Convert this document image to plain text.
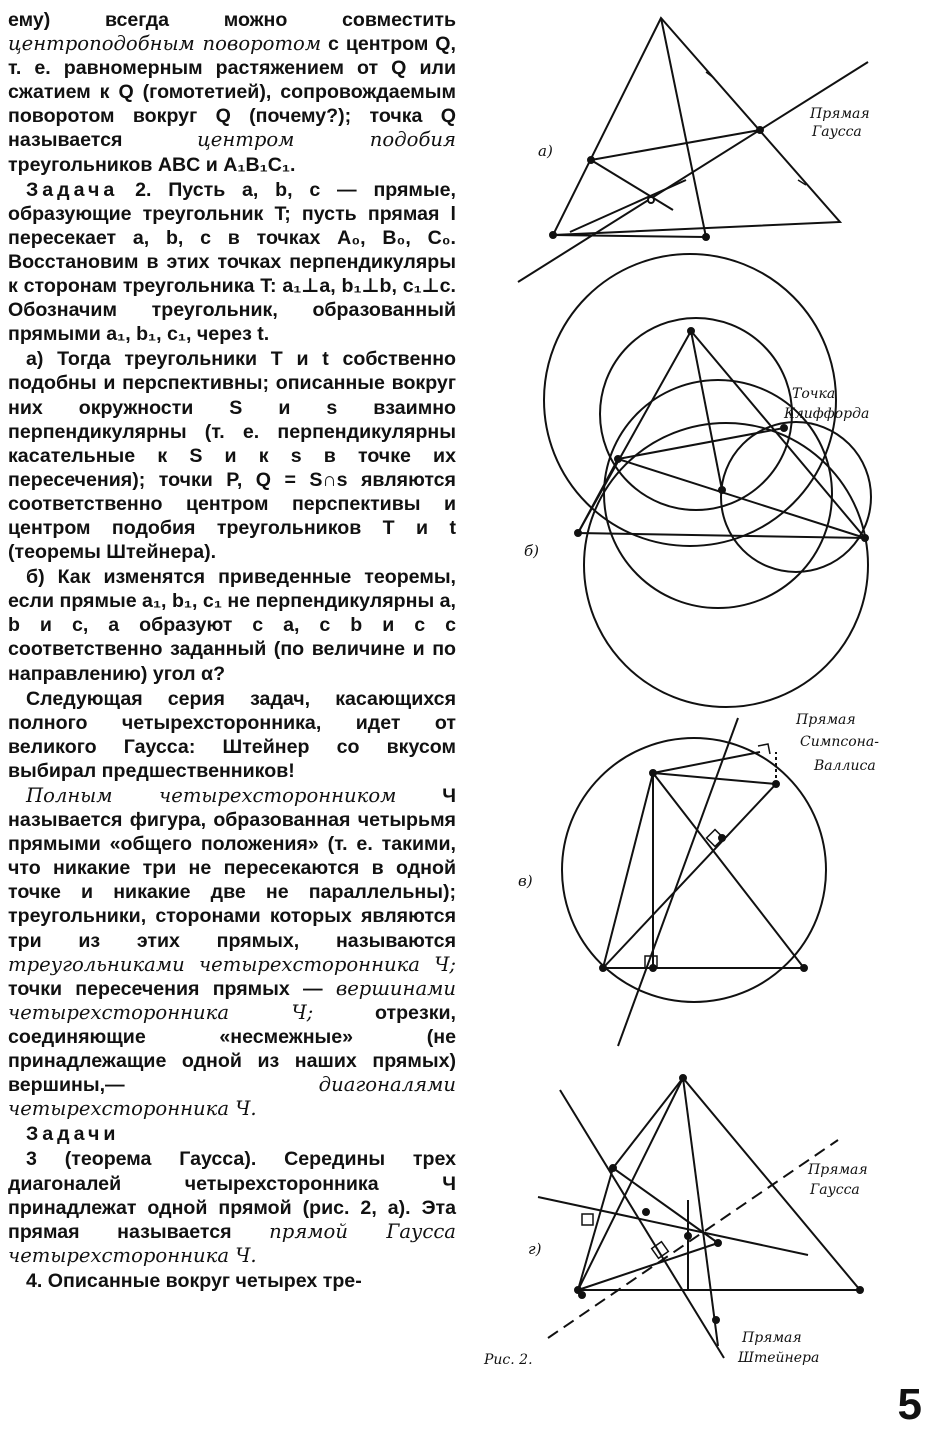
ему) всегда можно совместить центроподобным поворотом с центром Q, т. е. равномерным растяжением от Q или сжатием к Q (гомотетией), сопровождаемым поворотом вокруг Q (почему?); точка Q называется центром подобия треугольников ABC и A₁B₁C₁.

Задача 2. Пусть a, b, c — прямые, образующие треугольник T; пусть прямая l пересекает a, b, c в точках A₀, B₀, C₀. Восстановим в этих точках перпендикуляры к сторонам треугольника T: a₁⊥a, b₁⊥b, c₁⊥c. Обозначим треугольник, образованный прямыми a₁, b₁, c₁, через t.

а) Тогда треугольники T и t собственно подобны и перспективны; описанные вокруг них окружности S и s взаимно перпендикулярны (т. е. перпендикулярны касательные к S и к s в точке их пересечения); точки P, Q = S∩s являются соответственно центром перспективы и центром подобия треугольников T и t (теоремы Штейнера).

б) Как изменятся приведенные теоремы, если прямые a₁, b₁, c₁ не перпендикулярны a, b и c, а образуют с a, с b и с c соответственно заданный (по величине и по направлению) угол α?

Следующая серия задач, касающихся полного четырехсторонника, идет от великого Гаусса: Штейнер со вкусом выбирал предшественников!

Полным четырехсторонником Ч называется фигура, образованная четырьмя прямыми «общего положения» (т. е. такими, что никакие три не пересекаются в одной точке и никакие две не параллельны); треугольники, сторонами которых являются три из этих прямых, называются треугольниками четырехсторонника Ч; точки пересечения прямых — вершинами четырехсторонника Ч; отрезки, соединяющие «несмежные» (не принадлежащие одной из наших прямых) вершины,— диагоналями четырехсторонника Ч.

Задачи

3 (теорема Гаусса). Середины трех диагоналей четырехсторонника Ч принадлежат одной прямой (рис. 2, а). Эта прямая называется прямой Гаусса четырехсторонника Ч.

4. Описанные вокруг четырех тре-

а)
Прямая
Гаусса
б)
Точка
Клиффорда
в)
Прямая
Симпсона-
Валлиса
г)
Прямая
Гаусса
Прямая
Штейнера
Рис. 2.
5
